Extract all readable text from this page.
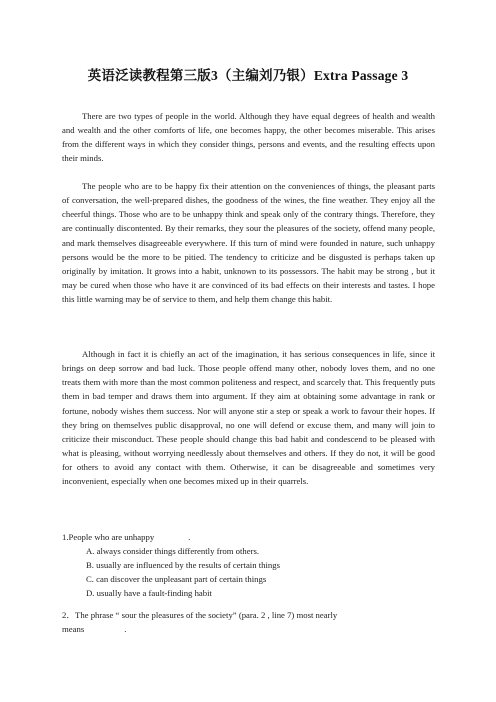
英语泛读教程第三版3（主编刘乃银）Extra Passage 3

There are two types of people in the world. Although they have equal degrees of health and wealth and wealth and the other comforts of life, one becomes happy, the other becomes miserable. This arises from the different ways in which they consider things, persons and events, and the resulting effects upon their minds.

The people who are to be happy fix their attention on the conveniences of things, the pleasant parts of conversation, the well-prepared dishes, the goodness of the wines, the fine weather. They enjoy all the cheerful things. Those who are to be unhappy think and speak only of the contrary things. Therefore, they are continually discontented. By their remarks, they sour the pleasures of the society, offend many people, and mark themselves disagreeable everywhere. If this turn of mind were founded in nature, such unhappy persons would be the more to be pitied. The tendency to criticize and be disgusted is perhaps taken up originally by imitation. It grows into a habit, unknown to its possessors. The habit may be strong , but it may be cured when those who have it are convinced of its bad effects on their interests and tastes. I hope this little warning may be of service to them, and help them change this habit.

Although in fact it is chiefly an act of the imagination, it has serious consequences in life, since it brings on deep sorrow and bad luck. Those people offend many other, nobody loves them, and no one treats them with more than the most common politeness and respect, and scarcely that. This frequently puts them in bad temper and draws them into argument. If they aim at obtaining some advantage in rank or fortune, nobody wishes them success. Nor will anyone stir a step or speak a work to favour their hopes. If they bring on themselves public disapproval, no one will defend or excuse them, and many will join to criticize their misconduct. These people should change this bad habit and condescend to be pleased with what is pleasing, without worrying needlessly about themselves and others. If they do not, it will be good for others to avoid any contact with them. Otherwise, it can be disagreeable and sometimes very inconvenient, especially when one becomes mixed up in their quarrels.

1.People who are unhappy	.
A. always consider things differently from others.
B. usually are influenced by the results of certain things
C. can discover the unpleasant part of certain things
D. usually have a fault-finding habit
2．The phrase “ sour the pleasures of the society” (para. 2 , line 7) most nearly
means	.
